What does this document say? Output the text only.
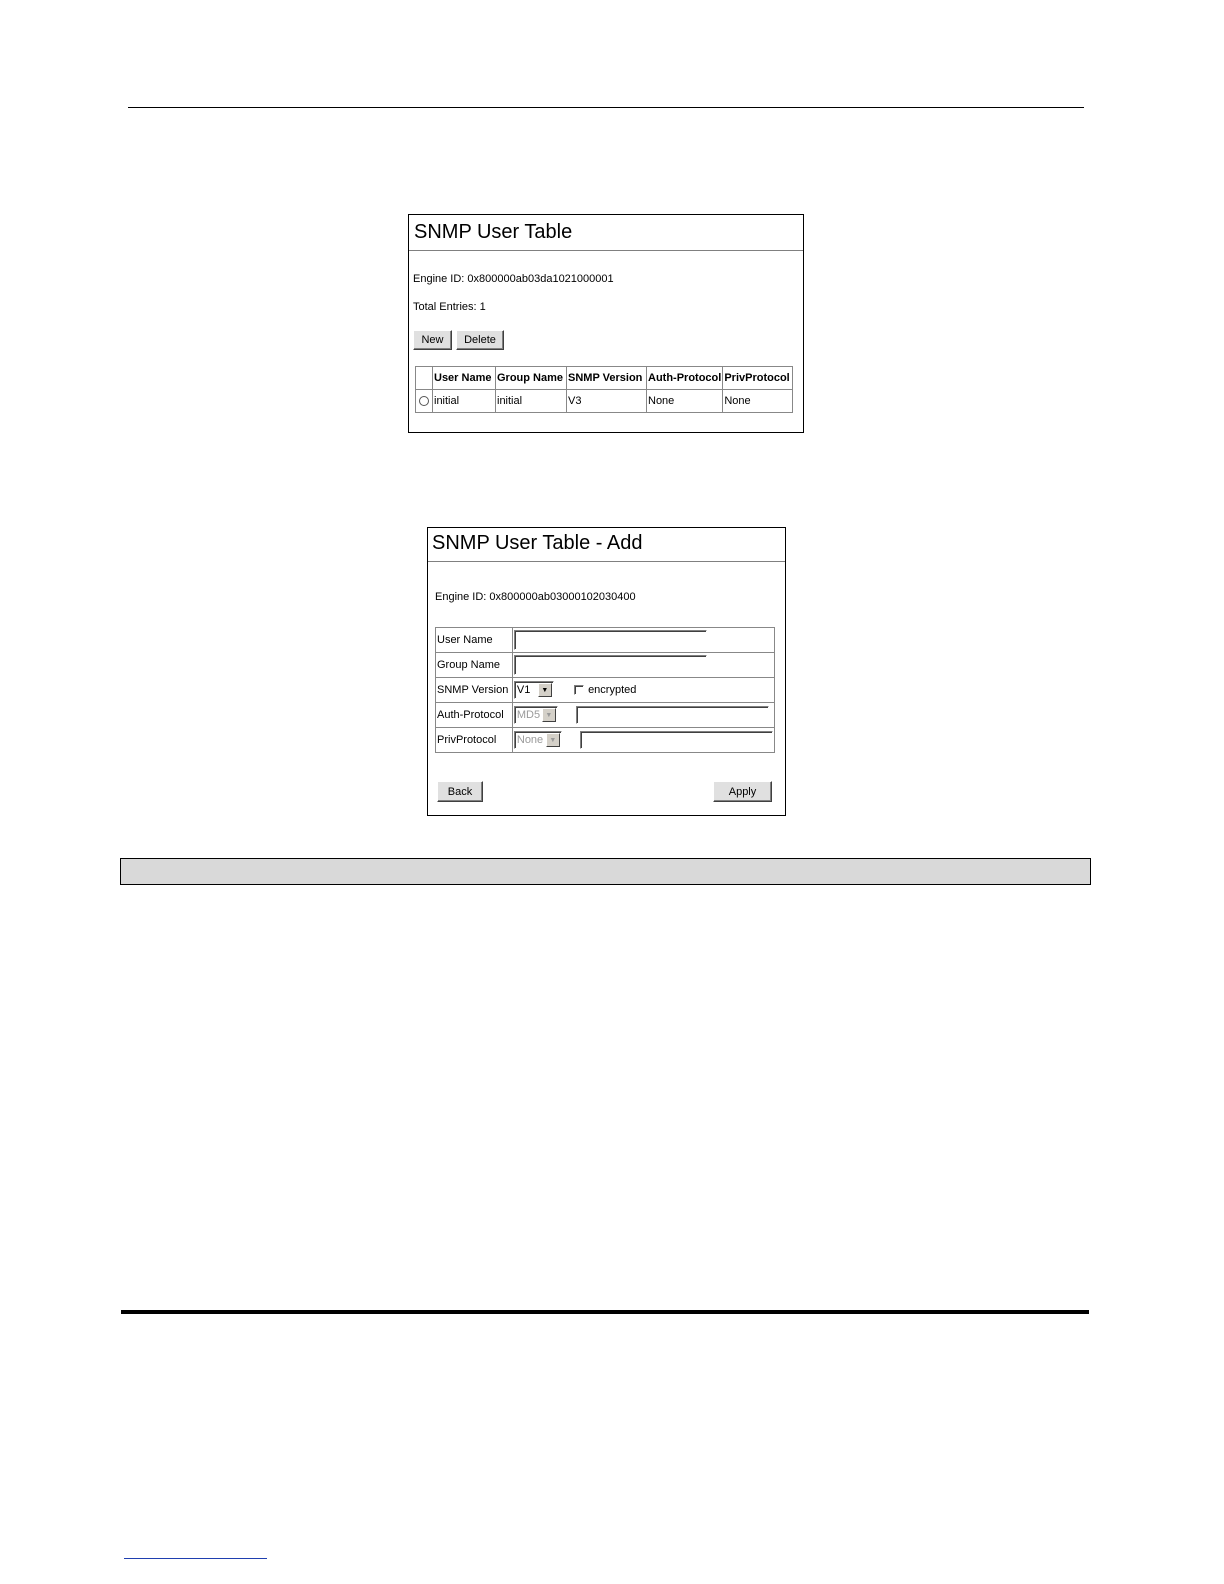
SNMP User Table
Engine ID: 0x800000ab03da1021000001
Total Entries: 1
New	Delete
	User Name	Group Name	SNMP Version	Auth-Protocol	PrivProtocol
	initial	initial	V3	None	None
SNMP User Table - Add
Engine ID: 0x800000ab03000102030400
User Name	
Group Name	
SNMP Version	V1 ▼ encrypted
Auth-Protocol	MD5 ▼

PrivProtocol	None ▼

Back	Apply
